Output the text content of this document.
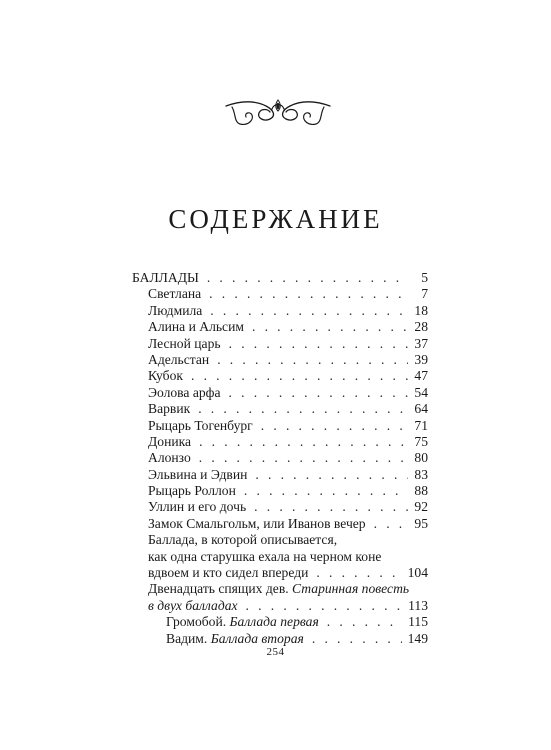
СОДЕРЖАНИЕ
БАЛЛАДЫ . . .	5
Светлана . . .	7
Людмила . . .	18
Алина и Альсим . . .	28
Лесной царь . . .	37
Адельстан . . .	39
Кубок . . .	47
Эолова арфа . . .	54
Варвик . . .	64
Рыцарь Тогенбург . . .	71
Доника . . .	75
Алонзо . . .	80
Эльвина и Эдвин . . .	83
Рыцарь Роллон . . .	88
Уллин и его дочь . . .	92
Замок Смальгольм, или Иванов вечер . . .	95
Баллада, в которой описывается,
как одна старушка ехала на черном коне
вдвоем и кто сидел впереди . . .	104
Двенадцать спящих дев. Старинная повесть
в двух балладах . . .	113
Громобой. Баллада первая . . .	115
Вадим. Баллада вторая . . .	149
254
